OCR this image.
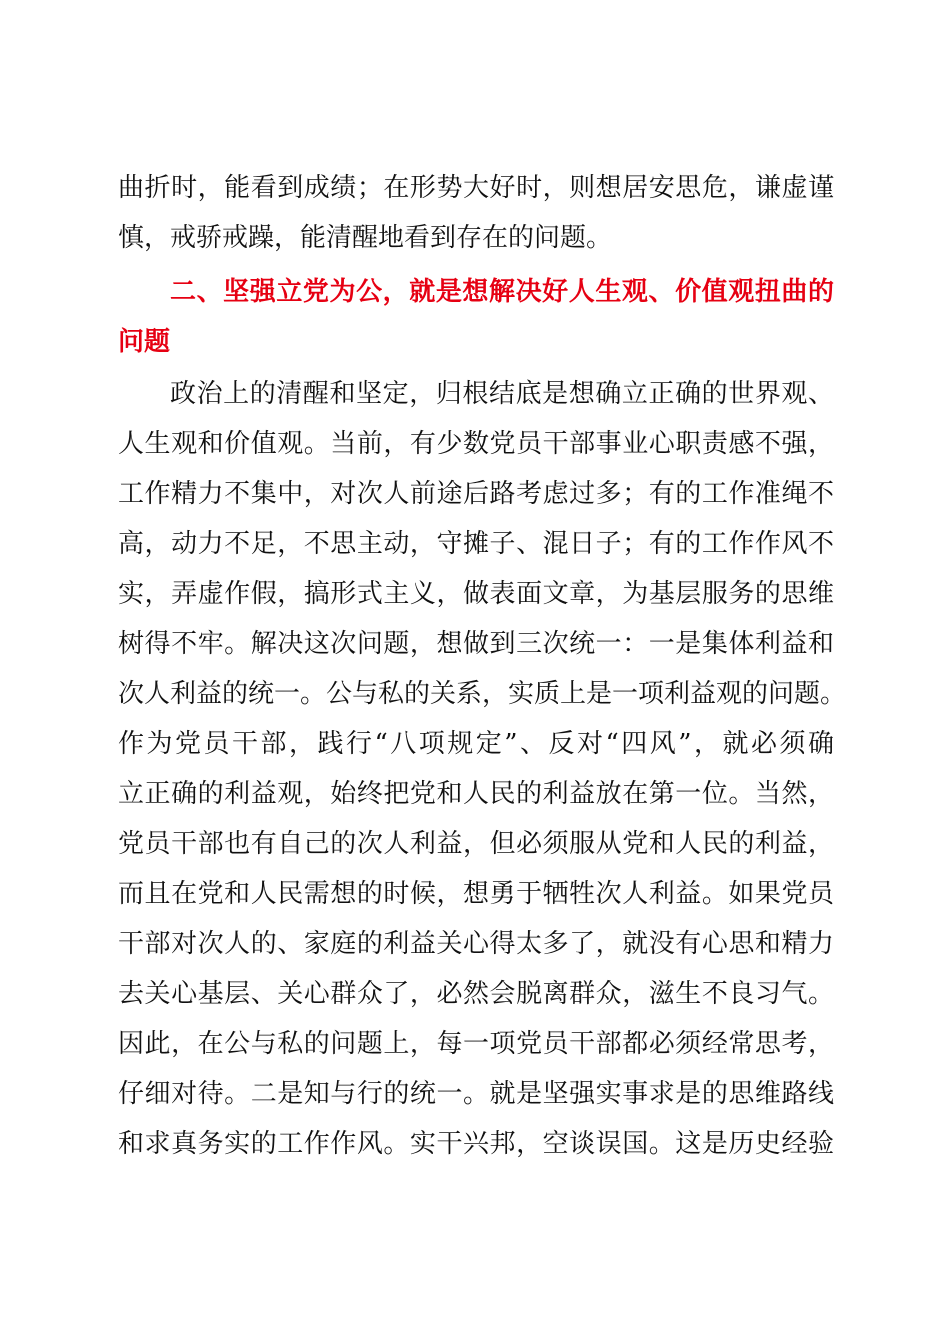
曲折时，能看到成绩；在形势大好时，则想居安思危，谦虚谨
慎，戒骄戒躁，能清醒地看到存在的问题。
二、坚强立党为公，就是想解决好人生观、价值观扭曲的
问题
政治上的清醒和坚定，归根结底是想确立正确的世界观、
人生观和价值观。当前，有少数党员干部事业心职责感不强，
工作精力不集中，对次人前途后路考虑过多；有的工作准绳不
高，动力不足，不思主动，守摊子、混日子；有的工作作风不
实，弄虚作假，搞形式主义，做表面文章，为基层服务的思维
树得不牢。解决这次问题，想做到三次统一：一是集体利益和
次人利益的统一。公与私的关系，实质上是一项利益观的问题。
作为党员干部，践行“八项规定”、反对“四风”，就必须确
立正确的利益观，始终把党和人民的利益放在第一位。当然，
党员干部也有自己的次人利益，但必须服从党和人民的利益，
而且在党和人民需想的时候，想勇于牺牲次人利益。如果党员
干部对次人的、家庭的利益关心得太多了，就没有心思和精力
去关心基层、关心群众了，必然会脱离群众，滋生不良习气。
因此，在公与私的问题上，每一项党员干部都必须经常思考，
仔细对待。二是知与行的统一。就是坚强实事求是的思维路线
和求真务实的工作作风。实干兴邦，空谈误国。这是历史经验
